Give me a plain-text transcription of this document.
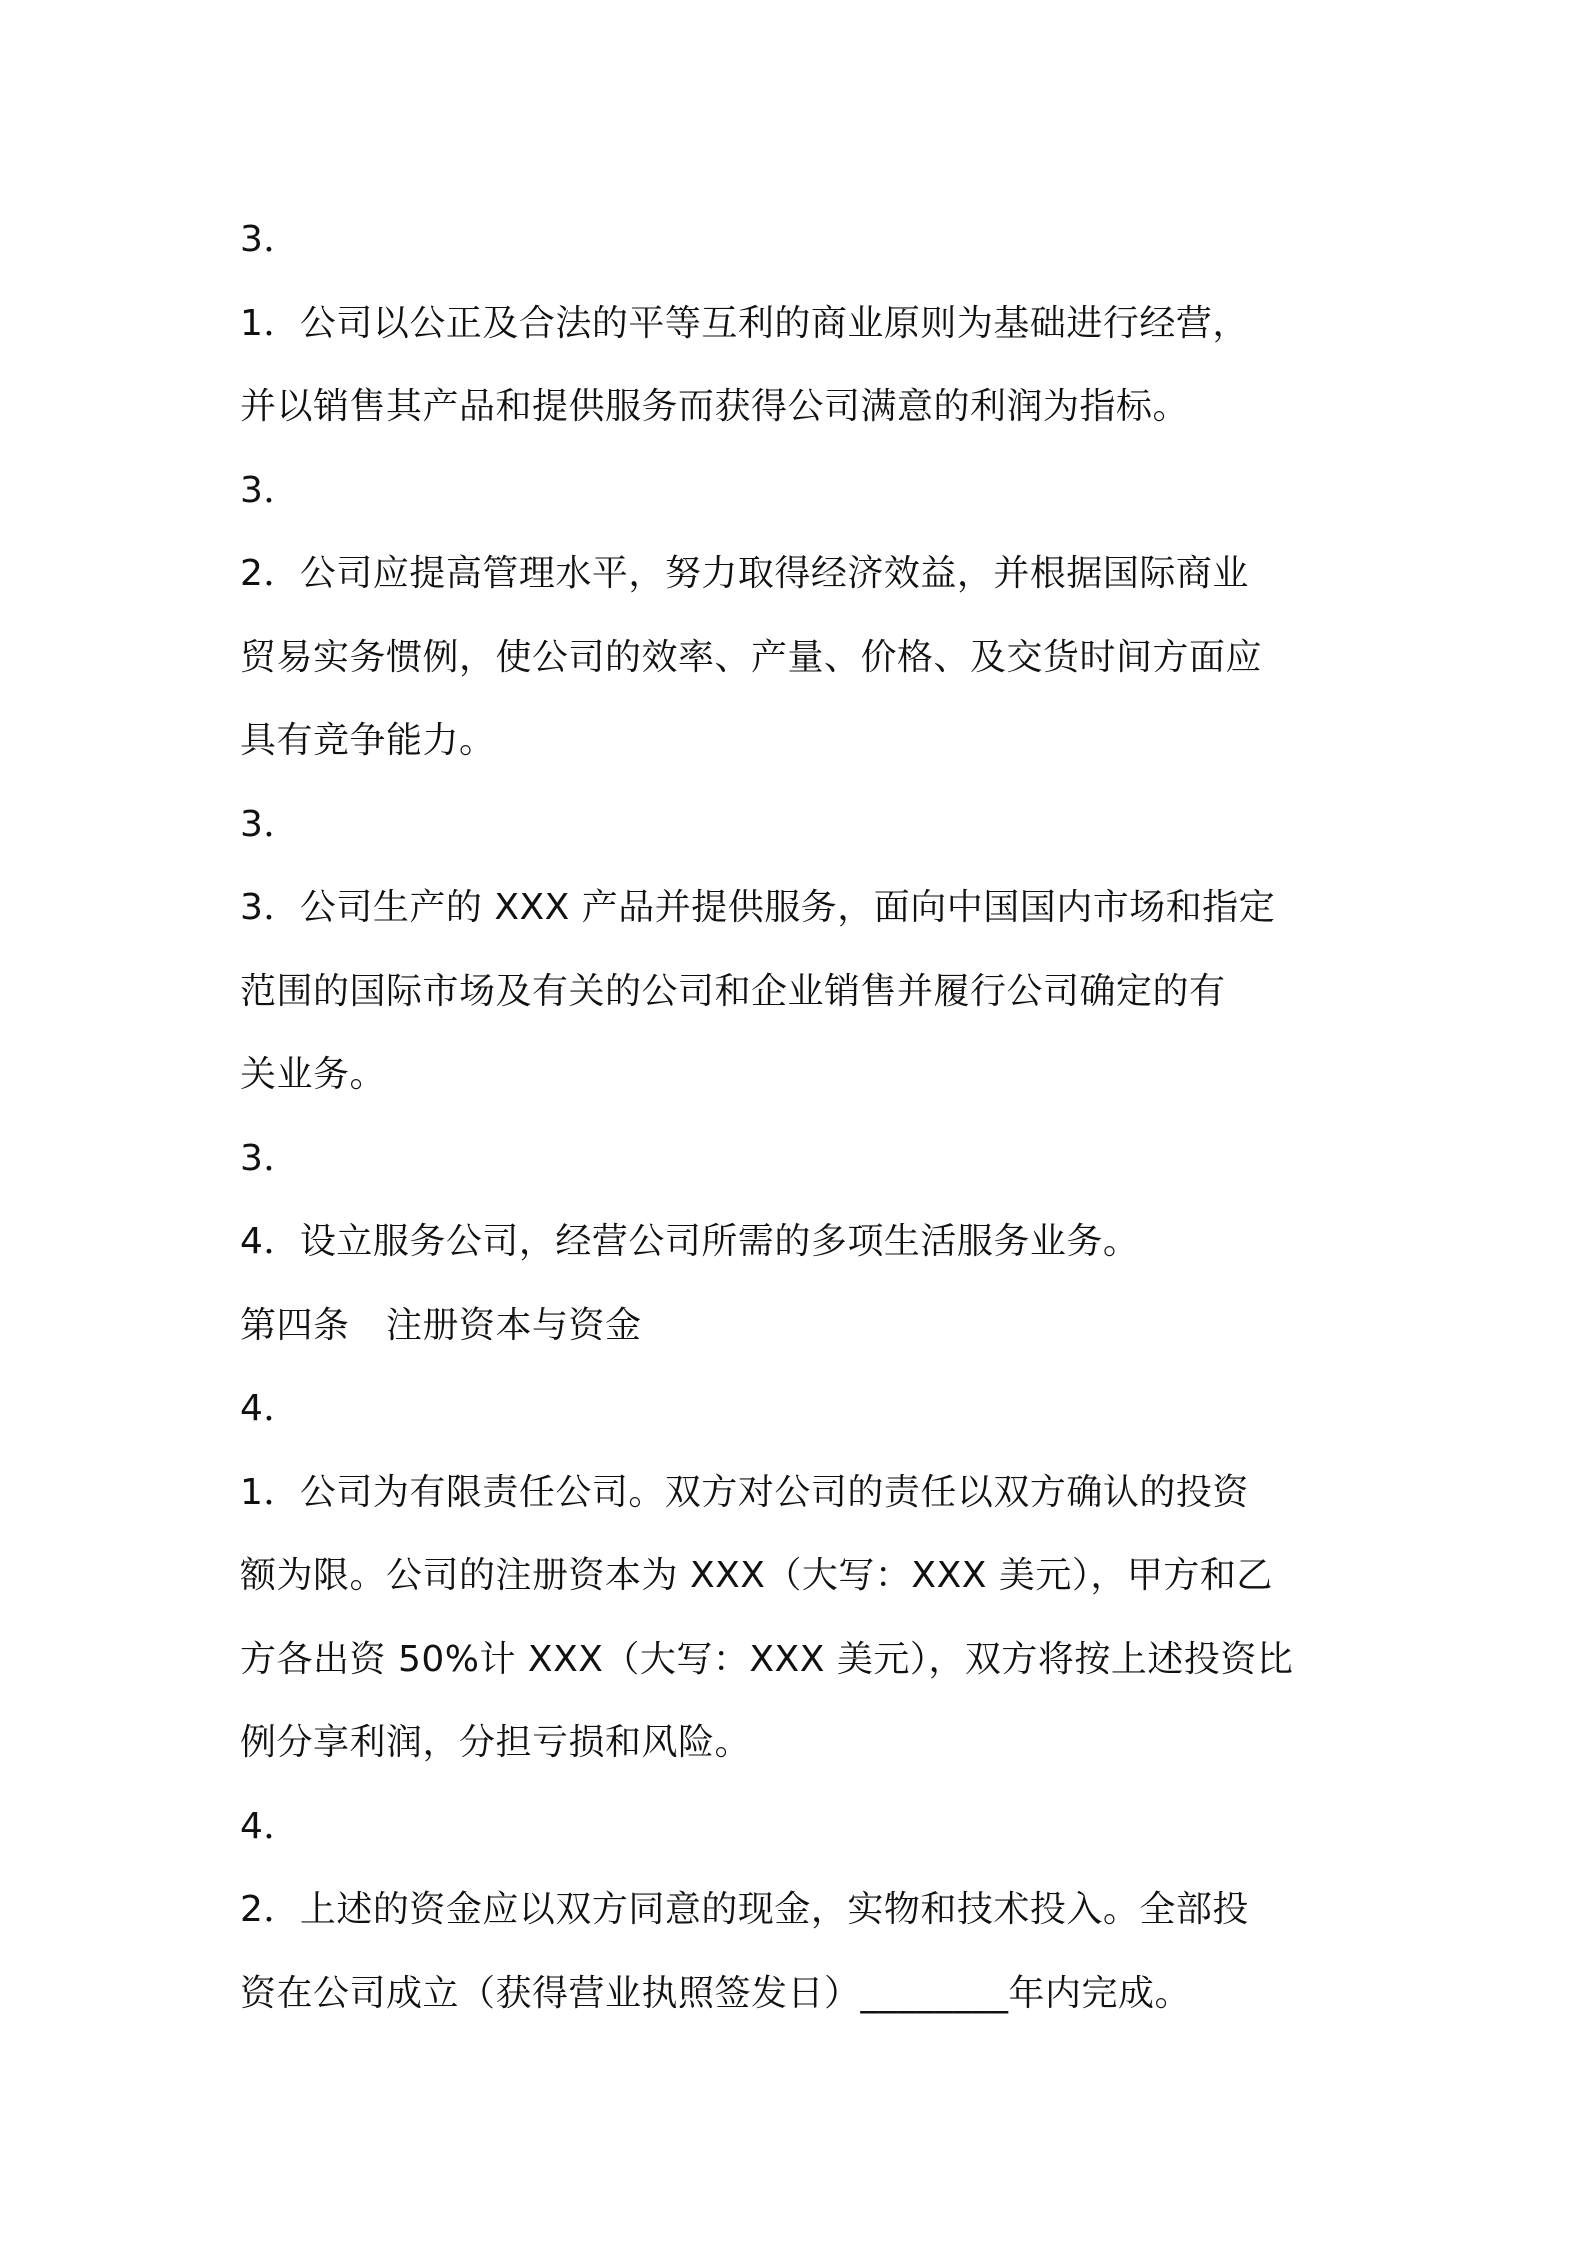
3．
1．公司以公正及合法的平等互利的商业原则为基础进行经营，
并以销售其产品和提供服务而获得公司满意的利润为指标。
3．
2．公司应提高管理水平，努力取得经济效益，并根据国际商业
贸易实务惯例，使公司的效率、产量、价格、及交货时间方面应
具有竞争能力。
3．
3．公司生产的 XXX 产品并提供服务，面向中国国内市场和指定
范围的国际市场及有关的公司和企业销售并履行公司确定的有
关业务。
3．
4．设立服务公司，经营公司所需的多项生活服务业务。
第四条　注册资本与资金
4．
1．公司为有限责任公司。双方对公司的责任以双方确认的投资
额为限。公司的注册资本为 XXX（大写：XXX 美元），甲方和乙
方各出资 50%计 XXX（大写：XXX 美元），双方将按上述投资比
例分享利润，分担亏损和风险。
4．
2．上述的资金应以双方同意的现金，实物和技术投入。全部投
资在公司成立（获得营业执照签发日）________年内完成。
